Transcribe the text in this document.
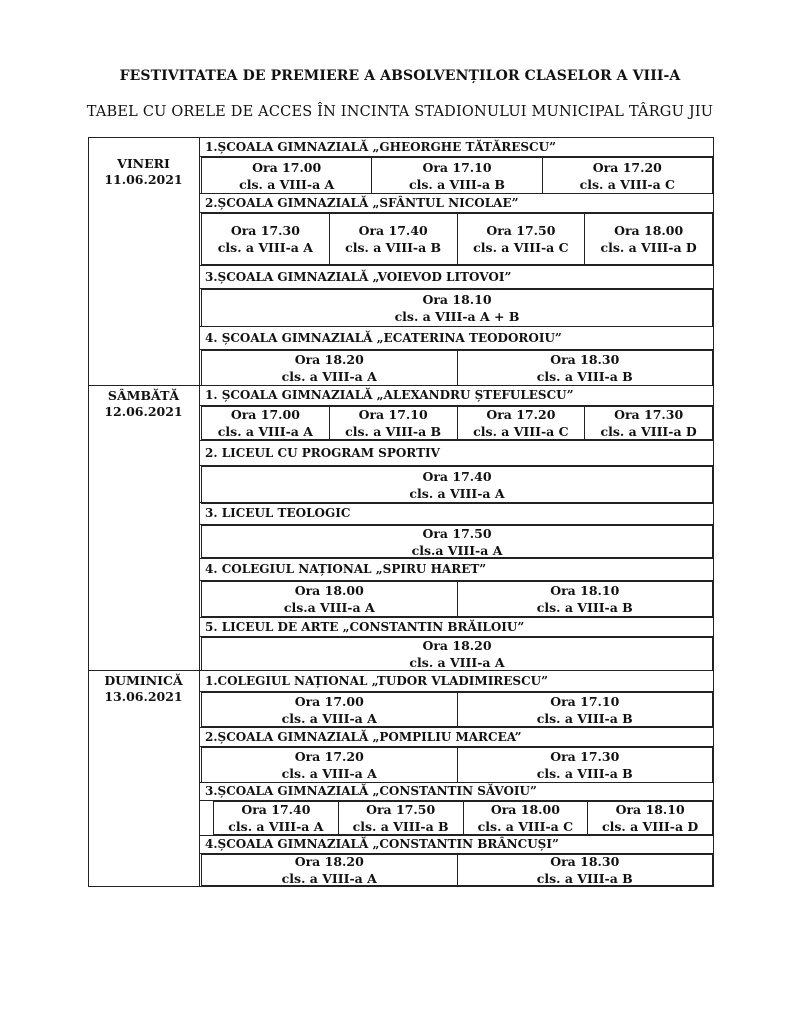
FESTIVITATEA DE PREMIERE A ABSOLVENȚILOR CLASELOR A VIII-A
TABEL CU ORELE DE ACCES ÎN INCINTA STADIONULUI MUNICIPAL TÂRGU JIU
VINERI
11.06.2021
SÂMBĂTĂ
12.06.2021
DUMINICĂ
13.06.2021
1.ȘCOALA GIMNAZIALĂ „GHEORGHE TĂTĂRESCU”
Ora 17.00
cls. a VIII-a A
Ora 17.10
cls. a VIII-a B
Ora 17.20
cls. a VIII-a C
2.ȘCOALA GIMNAZIALĂ „SFÂNTUL NICOLAE”
Ora 17.30
cls. a VIII-a A
Ora 17.40
cls. a VIII-a B
Ora 17.50
cls. a VIII-a C
Ora 18.00
cls. a VIII-a D
3.ȘCOALA GIMNAZIALĂ „VOIEVOD LITOVOI”
Ora 18.10
cls. a VIII-a A + B
4. ȘCOALA GIMNAZIALĂ „ECATERINA TEODOROIU”
Ora 18.20
cls. a VIII-a A
Ora 18.30
cls. a VIII-a B
1. ȘCOALA GIMNAZIALĂ „ALEXANDRU ȘTEFULESCU”
Ora 17.00
cls. a VIII-a A
Ora 17.10
cls. a VIII-a B
Ora 17.20
cls. a VIII-a C
Ora 17.30
cls. a VIII-a D
2. LICEUL CU PROGRAM SPORTIV
Ora 17.40
cls. a VIII-a A
3. LICEUL TEOLOGIC
Ora 17.50
cls.a VIII-a A
4. COLEGIUL NAȚIONAL „SPIRU HARET”
Ora 18.00
cls.a VIII-a A
Ora 18.10
cls. a VIII-a B
5. LICEUL DE ARTE „CONSTANTIN BRĂILOIU”
Ora 18.20
cls. a VIII-a A
1.COLEGIUL NAȚIONAL „TUDOR VLADIMIRESCU”
Ora 17.00
cls. a VIII-a A
Ora 17.10
cls. a VIII-a B
2.ȘCOALA GIMNAZIALĂ „POMPILIU MARCEA”
Ora 17.20
cls. a VIII-a A
Ora 17.30
cls. a VIII-a B
3.ȘCOALA GIMNAZIALĂ „CONSTANTIN SĂVOIU”
Ora 17.40
cls. a VIII-a A
Ora 17.50
cls. a VIII-a B
Ora 18.00
cls. a VIII-a C
Ora 18.10
cls. a VIII-a D
4.ȘCOALA GIMNAZIALĂ „CONSTANTIN BRÂNCUȘI”
Ora 18.20
cls. a VIII-a A
Ora 18.30
cls. a VIII-a B
